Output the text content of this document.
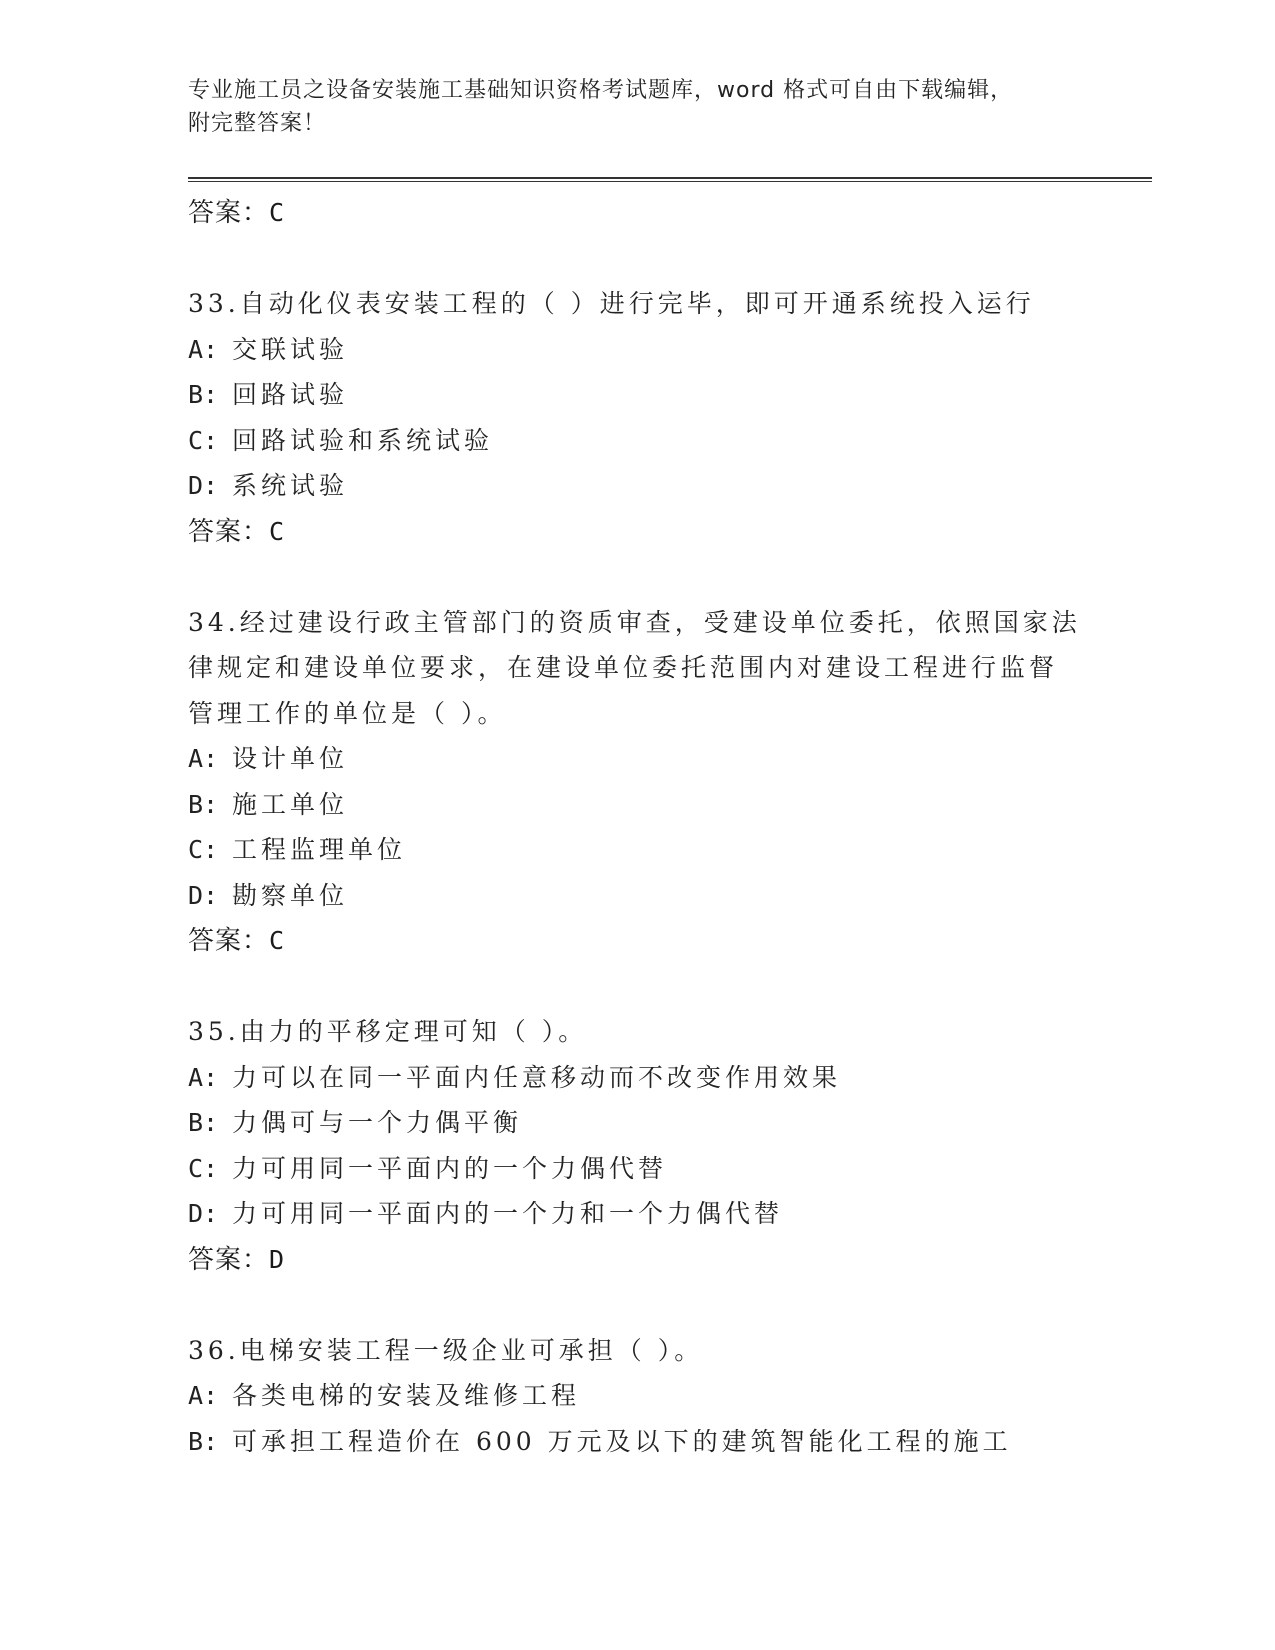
专业施工员之设备安装施工基础知识资格考试题库，word 格式可自由下载编辑，
附完整答案！
答案：C
33.自动化仪表安装工程的（ ）进行完毕，即可开通系统投入运行
A: 交联试验
B: 回路试验
C: 回路试验和系统试验
D: 系统试验
答案：C
34.经过建设行政主管部门的资质审查，受建设单位委托，依照国家法
律规定和建设单位要求，在建设单位委托范围内对建设工程进行监督
管理工作的单位是（ ）。
A: 设计单位
B: 施工单位
C: 工程监理单位
D: 勘察单位
答案：C
35.由力的平移定理可知（ ）。
A: 力可以在同一平面内任意移动而不改变作用效果
B: 力偶可与一个力偶平衡
C: 力可用同一平面内的一个力偶代替
D: 力可用同一平面内的一个力和一个力偶代替
答案：D
36.电梯安装工程一级企业可承担（ ）。
A: 各类电梯的安装及维修工程
B: 可承担工程造价在 600 万元及以下的建筑智能化工程的施工
